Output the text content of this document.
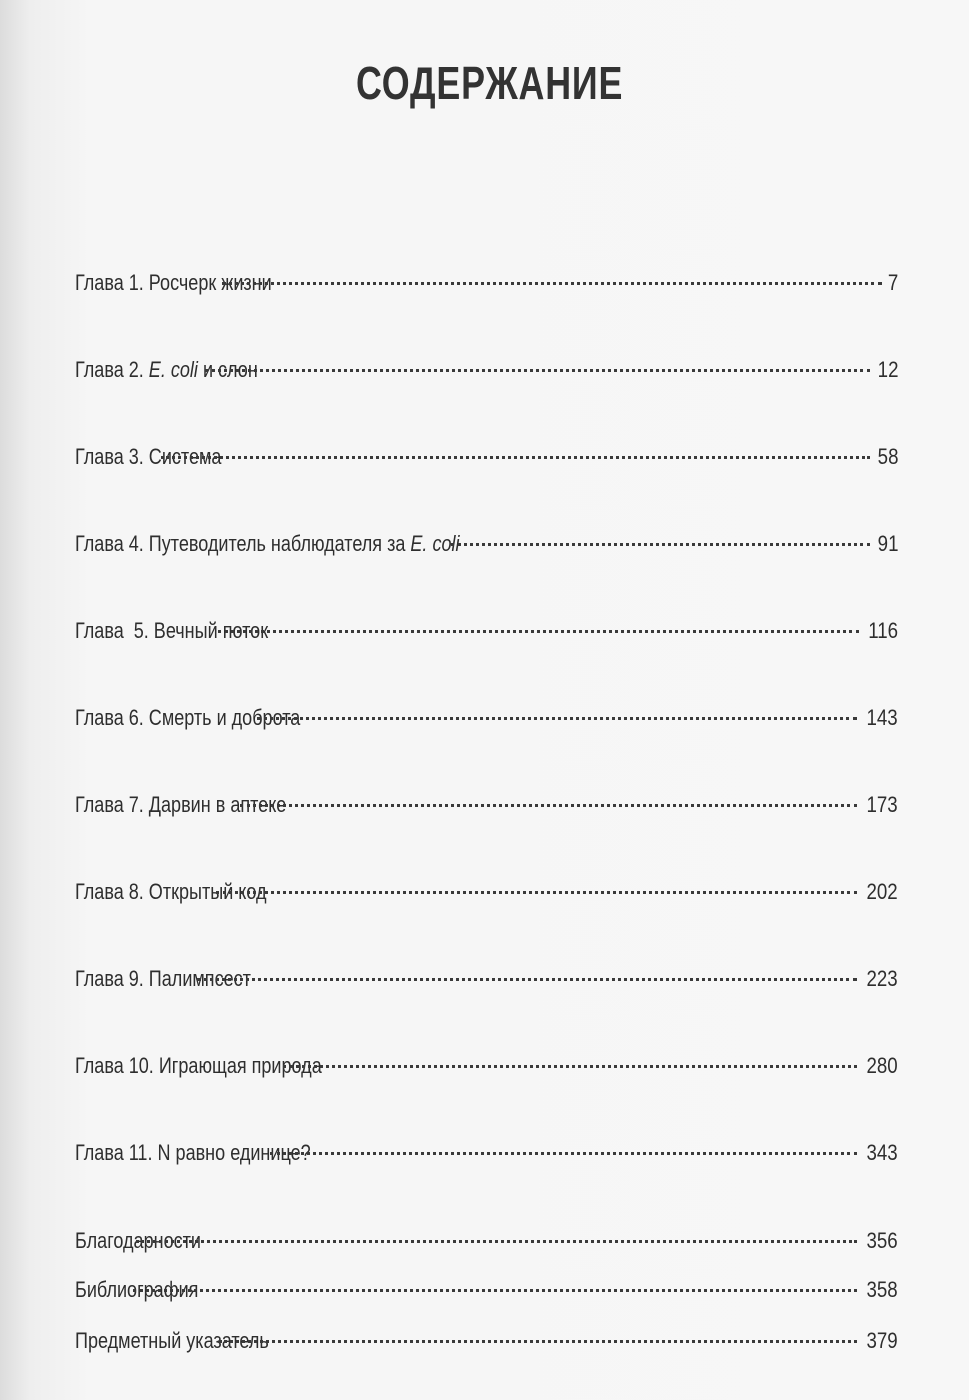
СОДЕРЖАНИЕ
Глава 1. Росчерк жизни	7
Глава 2. E. coli и слон	12
Глава 3. Система	58
Глава 4. Путеводитель наблюдателя за E. coli	91
Глава  5. Вечный поток	116
Глава 6. Смерть и доброта	143
Глава 7. Дарвин в аптеке	173
Глава 8. Открытый код	202
Глава 9. Палимпсест	223
Глава 10. Играющая природа	280
Глава 11. N равно единице?	343
Благодарности	356
Библиография	358
Предметный указатель	379
